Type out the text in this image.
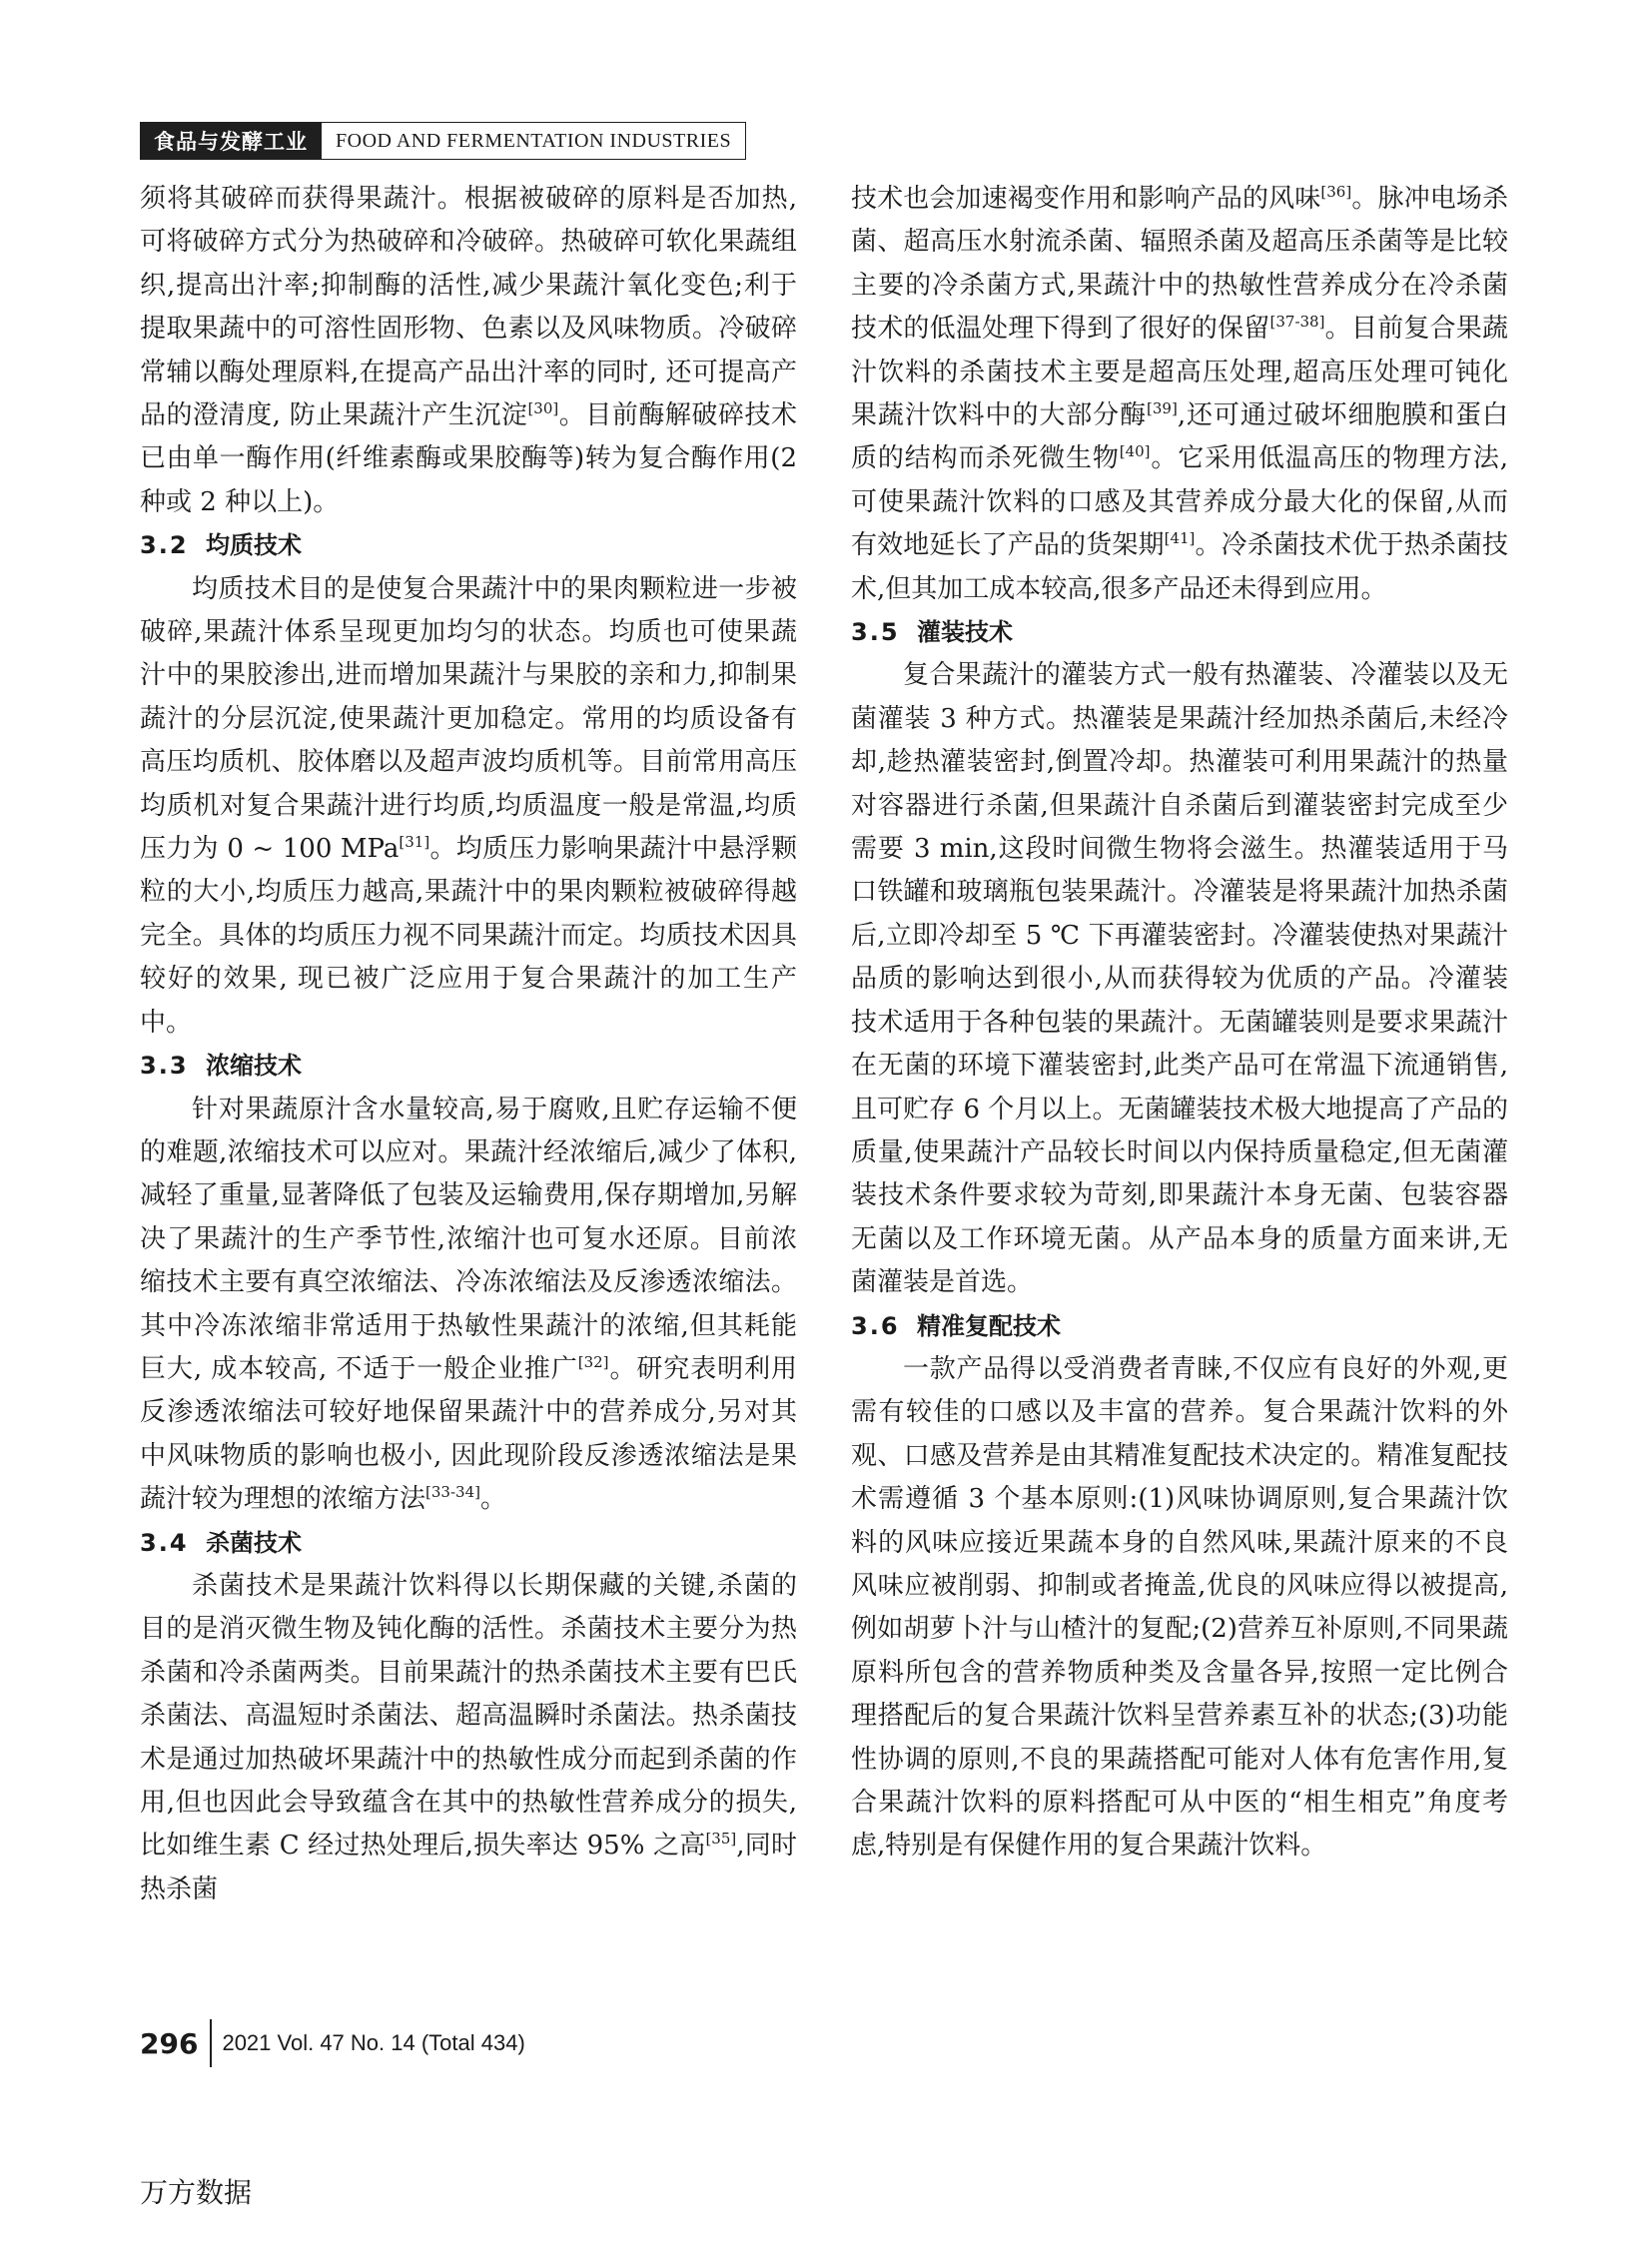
食品与发酵工业	FOOD AND FERMENTATION INDUSTRIES

须将其破碎而获得果蔬汁。根据被破碎的原料是否加热,可将破碎方式分为热破碎和冷破碎。热破碎可软化果蔬组织,提高出汁率;抑制酶的活性,减少果蔬汁氧化变色;利于提取果蔬中的可溶性固形物、色素以及风味物质。冷破碎常辅以酶处理原料,在提高产品出汁率的同时, 还可提高产品的澄清度, 防止果蔬汁产生沉淀[30]。目前酶解破碎技术已由单一酶作用(纤维素酶或果胶酶等)转为复合酶作用(2 种或 2 种以上)。

3.2 均质技术

均质技术目的是使复合果蔬汁中的果肉颗粒进一步被破碎,果蔬汁体系呈现更加均匀的状态。均质也可使果蔬汁中的果胶渗出,进而增加果蔬汁与果胶的亲和力,抑制果蔬汁的分层沉淀,使果蔬汁更加稳定。常用的均质设备有高压均质机、胶体磨以及超声波均质机等。目前常用高压均质机对复合果蔬汁进行均质,均质温度一般是常温,均质压力为 0 ~ 100 MPa[31]。均质压力影响果蔬汁中悬浮颗粒的大小,均质压力越高,果蔬汁中的果肉颗粒被破碎得越完全。具体的均质压力视不同果蔬汁而定。均质技术因具较好的效果, 现已被广泛应用于复合果蔬汁的加工生产中。

3.3 浓缩技术

针对果蔬原汁含水量较高,易于腐败,且贮存运输不便的难题,浓缩技术可以应对。果蔬汁经浓缩后,减少了体积,减轻了重量,显著降低了包装及运输费用,保存期增加,另解决了果蔬汁的生产季节性,浓缩汁也可复水还原。目前浓缩技术主要有真空浓缩法、冷冻浓缩法及反渗透浓缩法。其中冷冻浓缩非常适用于热敏性果蔬汁的浓缩,但其耗能巨大, 成本较高, 不适于一般企业推广[32]。研究表明利用反渗透浓缩法可较好地保留果蔬汁中的营养成分,另对其中风味物质的影响也极小, 因此现阶段反渗透浓缩法是果蔬汁较为理想的浓缩方法[33-34]。

3.4 杀菌技术

杀菌技术是果蔬汁饮料得以长期保藏的关键,杀菌的目的是消灭微生物及钝化酶的活性。杀菌技术主要分为热杀菌和冷杀菌两类。目前果蔬汁的热杀菌技术主要有巴氏杀菌法、高温短时杀菌法、超高温瞬时杀菌法。热杀菌技术是通过加热破坏果蔬汁中的热敏性成分而起到杀菌的作用,但也因此会导致蕴含在其中的热敏性营养成分的损失,比如维生素 C 经过热处理后,损失率达 95% 之高[35],同时热杀菌

技术也会加速褐变作用和影响产品的风味[36]。脉冲电场杀菌、超高压水射流杀菌、辐照杀菌及超高压杀菌等是比较主要的冷杀菌方式,果蔬汁中的热敏性营养成分在冷杀菌技术的低温处理下得到了很好的保留[37-38]。目前复合果蔬汁饮料的杀菌技术主要是超高压处理,超高压处理可钝化果蔬汁饮料中的大部分酶[39],还可通过破坏细胞膜和蛋白质的结构而杀死微生物[40]。它采用低温高压的物理方法,可使果蔬汁饮料的口感及其营养成分最大化的保留,从而有效地延长了产品的货架期[41]。冷杀菌技术优于热杀菌技术,但其加工成本较高,很多产品还未得到应用。

3.5 灌装技术

复合果蔬汁的灌装方式一般有热灌装、冷灌装以及无菌灌装 3 种方式。热灌装是果蔬汁经加热杀菌后,未经冷却,趁热灌装密封,倒置冷却。热灌装可利用果蔬汁的热量对容器进行杀菌,但果蔬汁自杀菌后到灌装密封完成至少需要 3 min,这段时间微生物将会滋生。热灌装适用于马口铁罐和玻璃瓶包装果蔬汁。冷灌装是将果蔬汁加热杀菌后,立即冷却至 5 ℃ 下再灌装密封。冷灌装使热对果蔬汁品质的影响达到很小,从而获得较为优质的产品。冷灌装技术适用于各种包装的果蔬汁。无菌罐装则是要求果蔬汁在无菌的环境下灌装密封,此类产品可在常温下流通销售,且可贮存 6 个月以上。无菌罐装技术极大地提高了产品的质量,使果蔬汁产品较长时间以内保持质量稳定,但无菌灌装技术条件要求较为苛刻,即果蔬汁本身无菌、包装容器无菌以及工作环境无菌。从产品本身的质量方面来讲,无菌灌装是首选。

3.6 精准复配技术

一款产品得以受消费者青睐,不仅应有良好的外观,更需有较佳的口感以及丰富的营养。复合果蔬汁饮料的外观、口感及营养是由其精准复配技术决定的。精准复配技术需遵循 3 个基本原则:(1)风味协调原则,复合果蔬汁饮料的风味应接近果蔬本身的自然风味,果蔬汁原来的不良风味应被削弱、抑制或者掩盖,优良的风味应得以被提高,例如胡萝卜汁与山楂汁的复配;(2)营养互补原则,不同果蔬原料所包含的营养物质种类及含量各异,按照一定比例合理搭配后的复合果蔬汁饮料呈营养素互补的状态;(3)功能性协调的原则,不良的果蔬搭配可能对人体有危害作用,复合果蔬汁饮料的原料搭配可从中医的“相生相克”角度考虑,特别是有保健作用的复合果蔬汁饮料。

296	2021 Vol. 47 No. 14 (Total 434)
万方数据
